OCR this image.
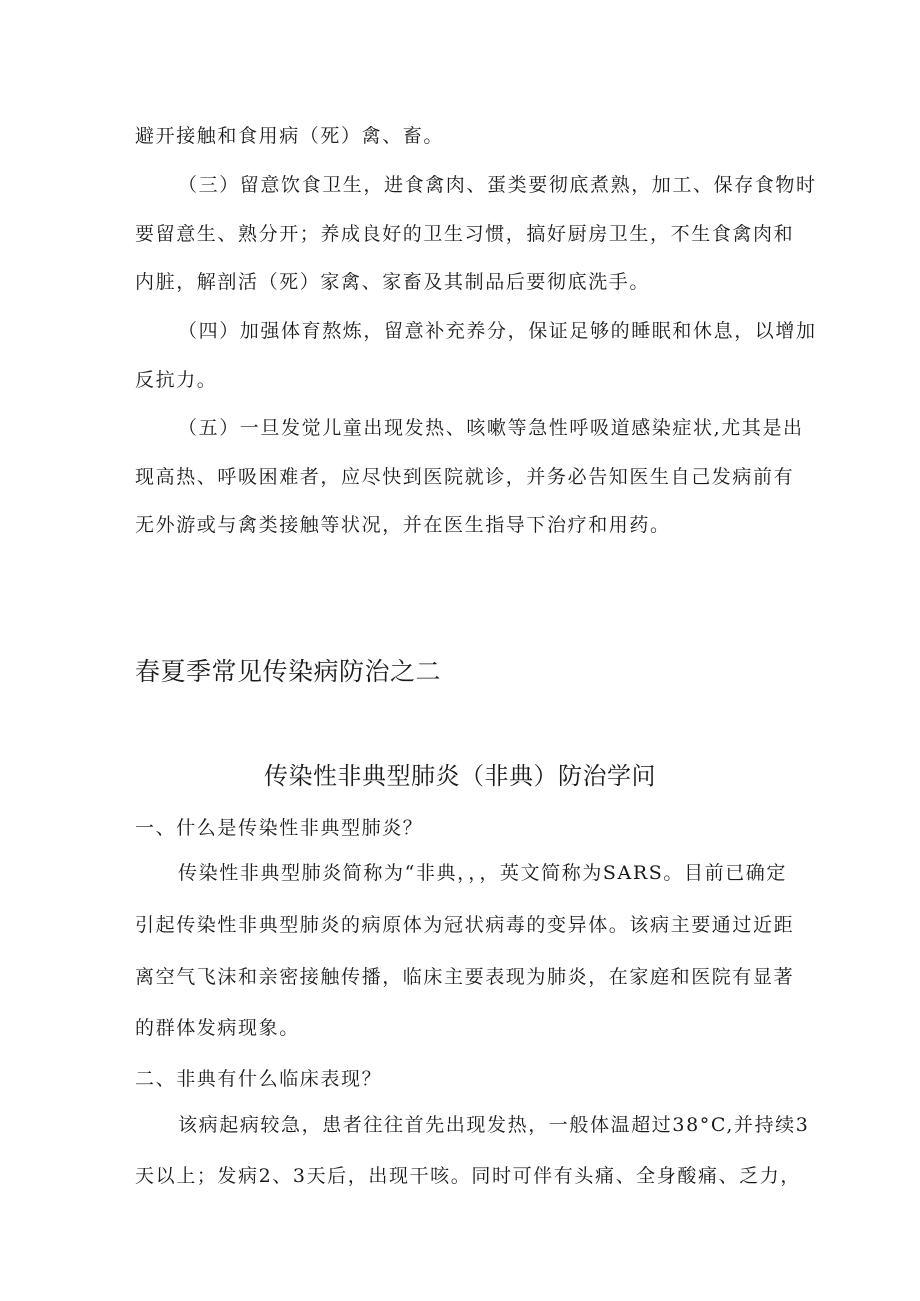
避开接触和食用病（死）禽、畜。
（三）留意饮食卫生，进食禽肉、蛋类要彻底煮熟，加工、保存食物时
要留意生、熟分开；养成良好的卫生习惯，搞好厨房卫生，不生食禽肉和
内脏，解剖活（死）家禽、家畜及其制品后要彻底洗手。
（四）加强体育熬炼，留意补充养分，保证足够的睡眠和休息，以增加
反抗力。
（五）一旦发觉儿童出现发热、咳嗽等急性呼吸道感染症状,尤其是出
现高热、呼吸困难者，应尽快到医院就诊，并务必告知医生自己发病前有
无外游或与禽类接触等状况，并在医生指导下治疗和用药。
春夏季常见传染病防治之二
传染性非典型肺炎（非典）防治学问
一、什么是传染性非典型肺炎？
传染性非典型肺炎简称为“非典，，，英文简称为SARS。目前已确定
引起传染性非典型肺炎的病原体为冠状病毒的变异体。该病主要通过近距
离空气飞沫和亲密接触传播，临床主要表现为肺炎，在家庭和医院有显著
的群体发病现象。
二、非典有什么临床表现？
该病起病较急，患者往往首先出现发热，一般体温超过38°C,并持续3
天以上；发病2、3天后，出现干咳。同时可伴有头痛、全身酸痛、乏力，
